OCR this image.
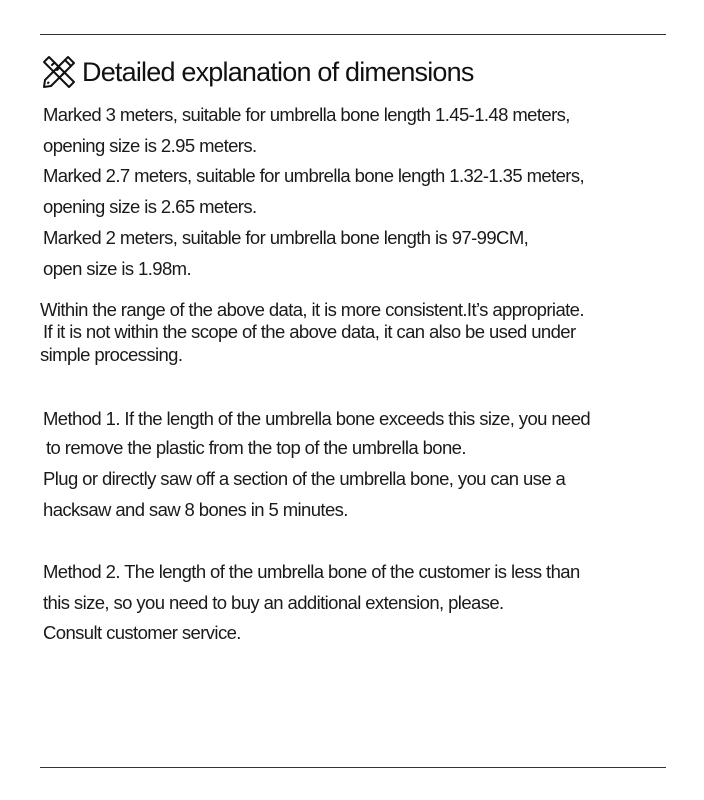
Detailed explanation of dimensions
Marked 3 meters, suitable for umbrella bone length 1.45-1.48 meters,
opening size is 2.95 meters.
Marked 2.7 meters, suitable for umbrella bone length 1.32-1.35 meters,
opening size is 2.65 meters.
Marked 2 meters, suitable for umbrella bone length is 97-99CM,
open size is 1.98m.
Within the range of the above data, it is more consistent.It’s appropriate.
If it is not within the scope of the above data, it can also be used under
simple processing.
Method 1. If the length of the umbrella bone exceeds this size, you need
to remove the plastic from the top of the umbrella bone.
Plug or directly saw off a section of the umbrella bone, you can use a
hacksaw and saw 8 bones in 5 minutes.
Method 2. The length of the umbrella bone of the customer is less than
this size, so you need to buy an additional extension, please.
Consult customer service.
